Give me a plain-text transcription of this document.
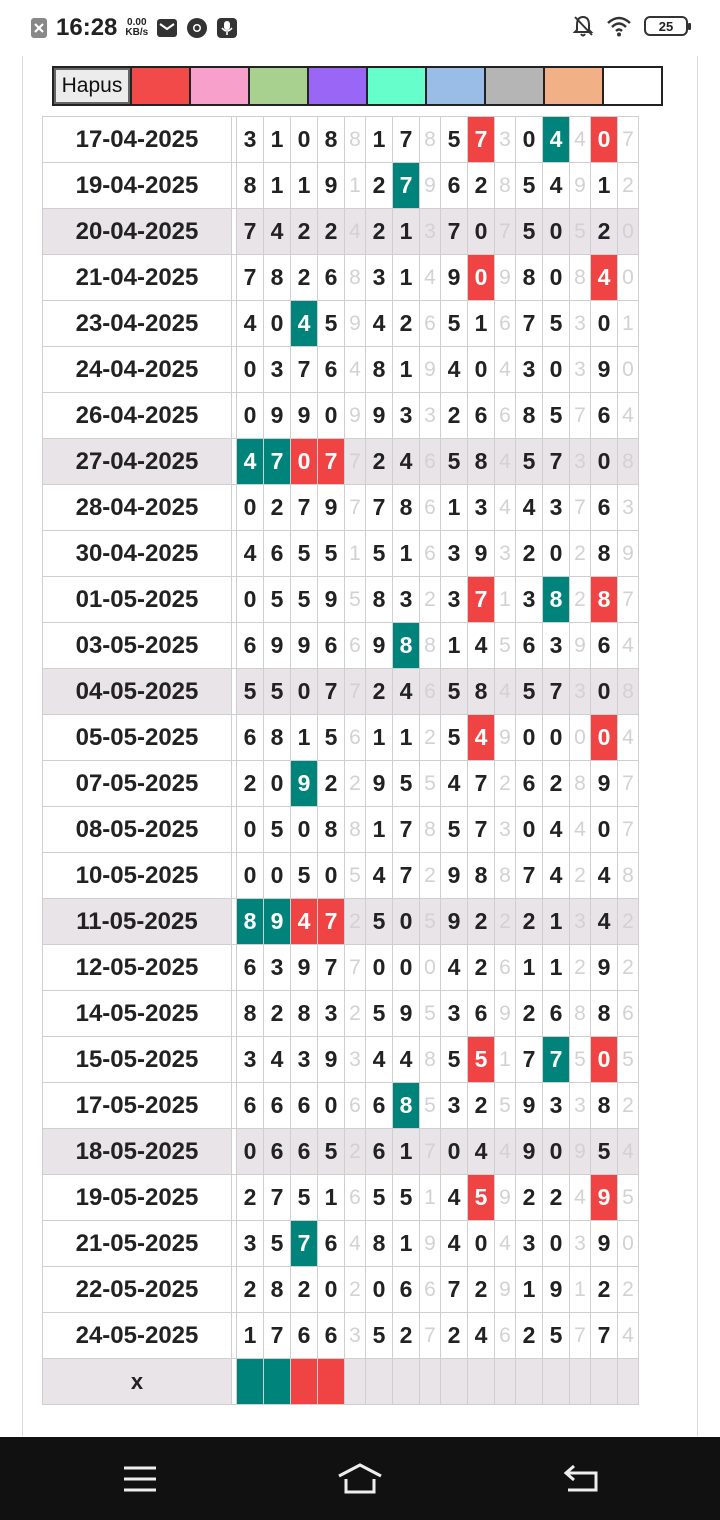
16:28 0.00
KB/s	25
Hapus
17-04-2025		3	1	0	8	8	1	7	8	5	7	3	0	4	4	0	7
19-04-2025		8	1	1	9	1	2	7	9	6	2	8	5	4	9	1	2
20-04-2025		7	4	2	2	4	2	1	3	7	0	7	5	0	5	2	0
21-04-2025		7	8	2	6	8	3	1	4	9	0	9	8	0	8	4	0
23-04-2025		4	0	4	5	9	4	2	6	5	1	6	7	5	3	0	1
24-04-2025		0	3	7	6	4	8	1	9	4	0	4	3	0	3	9	0
26-04-2025		0	9	9	0	9	9	3	3	2	6	6	8	5	7	6	4
27-04-2025		4	7	0	7	7	2	4	6	5	8	4	5	7	3	0	8
28-04-2025		0	2	7	9	7	7	8	6	1	3	4	4	3	7	6	3
30-04-2025		4	6	5	5	1	5	1	6	3	9	3	2	0	2	8	9
01-05-2025		0	5	5	9	5	8	3	2	3	7	1	3	8	2	8	7
03-05-2025		6	9	9	6	6	9	8	8	1	4	5	6	3	9	6	4
04-05-2025		5	5	0	7	7	2	4	6	5	8	4	5	7	3	0	8
05-05-2025		6	8	1	5	6	1	1	2	5	4	9	0	0	0	0	4
07-05-2025		2	0	9	2	2	9	5	5	4	7	2	6	2	8	9	7
08-05-2025		0	5	0	8	8	1	7	8	5	7	3	0	4	4	0	7
10-05-2025		0	0	5	0	5	4	7	2	9	8	8	7	4	2	4	8
11-05-2025		8	9	4	7	2	5	0	5	9	2	2	2	1	3	4	2
12-05-2025		6	3	9	7	7	0	0	0	4	2	6	1	1	2	9	2
14-05-2025		8	2	8	3	2	5	9	5	3	6	9	2	6	8	8	6
15-05-2025		3	4	3	9	3	4	4	8	5	5	1	7	7	5	0	5
17-05-2025		6	6	6	0	6	6	8	5	3	2	5	9	3	3	8	2
18-05-2025		0	6	6	5	2	6	1	7	0	4	4	9	0	9	5	4
19-05-2025		2	7	5	1	6	5	5	1	4	5	9	2	2	4	9	5
21-05-2025		3	5	7	6	4	8	1	9	4	0	4	3	0	3	9	0
22-05-2025		2	8	2	0	2	0	6	6	7	2	9	1	9	1	2	2
24-05-2025		1	7	6	6	3	5	2	7	2	4	6	2	5	7	7	4
x																	
